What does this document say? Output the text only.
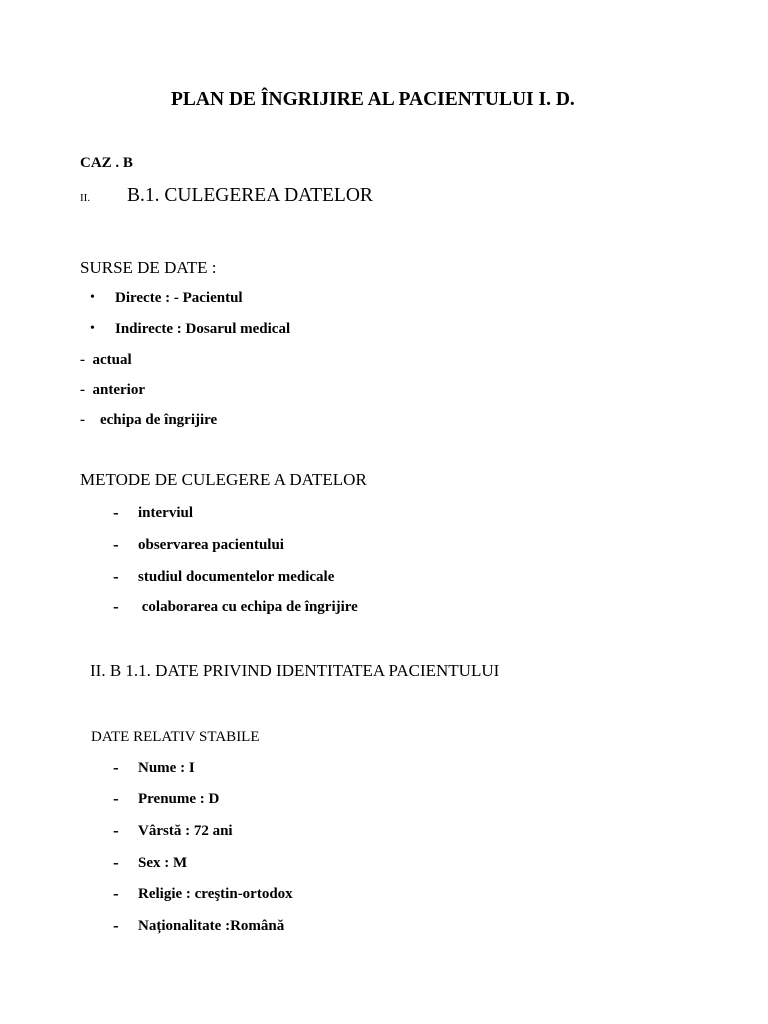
PLAN DE ÎNGRIJIRE AL PACIENTULUI I. D.
CAZ . B
II. B.1. CULEGEREA DATELOR
SURSE DE DATE :
• Directe : - Pacientul
• Indirecte : Dosarul medical
-  actual
-  anterior
-    echipa de îngrijire
METODE DE CULEGERE A DATELOR
- interviul
- observarea pacientului
- studiul documentelor medicale
- colaborarea cu echipa de îngrijire
II. B 1.1. DATE PRIVIND IDENTITATEA PACIENTULUI
DATE RELATIV STABILE
- Nume : I
- Prenume : D
- Vârstă : 72 ani
- Sex : M
- Religie : creştin-ortodox
- Naționalitate :Română
